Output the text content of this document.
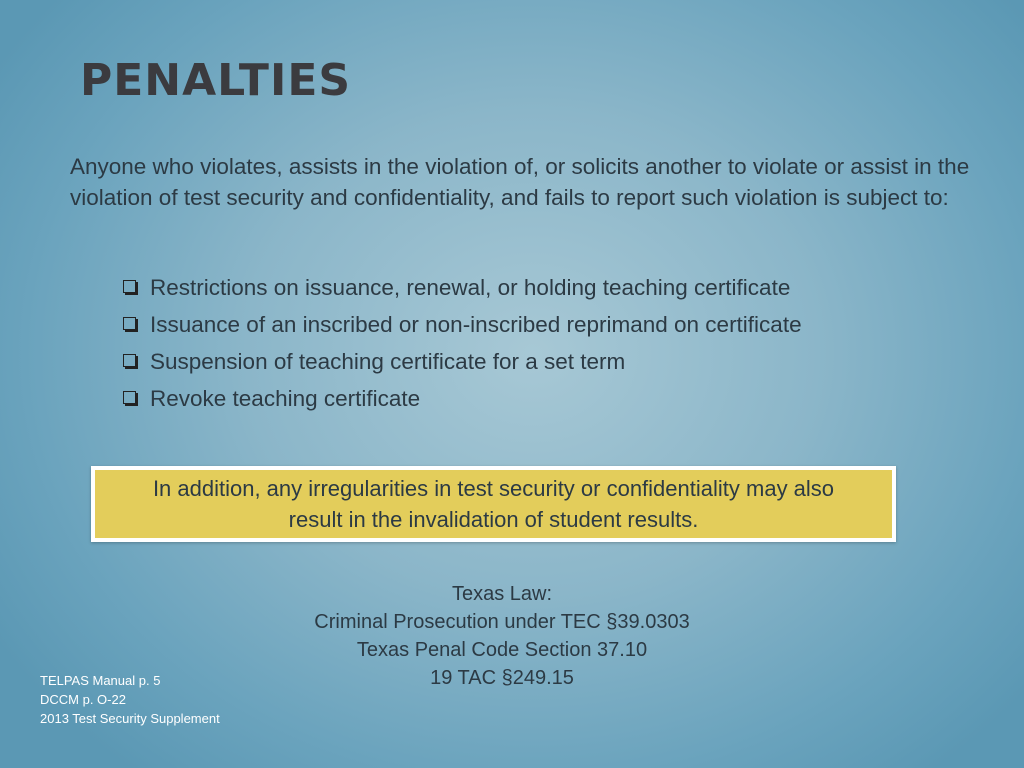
PENALTIES

Anyone who violates, assists in the violation of, or solicits another to violate or assist in the violation of test security and confidentiality, and fails to report such violation is subject to:

Restrictions on issuance, renewal, or holding teaching certificate
Issuance of an inscribed or non-inscribed reprimand on certificate
Suspension of teaching certificate for a set term
Revoke teaching certificate
In addition, any irregularities in test security or confidentiality may also result in the invalidation of student results.
Texas Law:
Criminal Prosecution under TEC §39.0303
Texas Penal Code Section 37.10
19 TAC §249.15
TELPAS Manual p. 5
DCCM p. O-22
2013 Test Security Supplement
